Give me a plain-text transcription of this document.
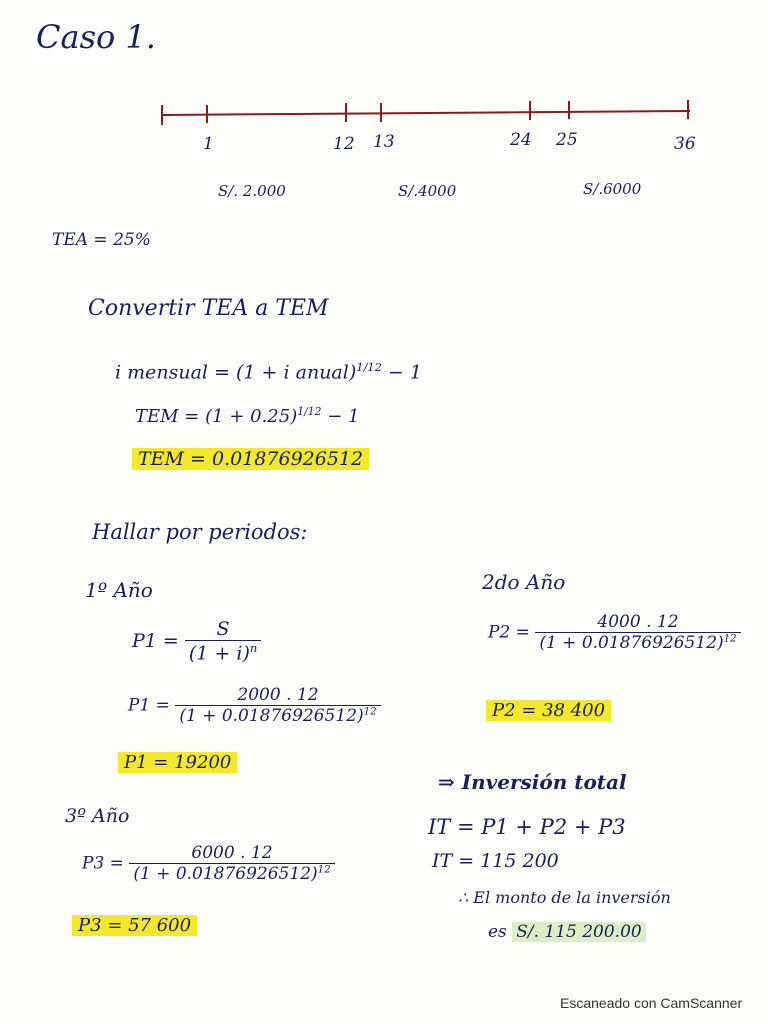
Caso 1.
1	12 13	24 25	36
S/. 2.000	S/.4000	S/.6000
TEA = 25%
Convertir TEA a TEM
i mensual = (1 + i anual)$^{1/12}$ − 1
TEM = $(1 + 0.25)^{1/12} - 1$
TEM = 0.01876926512
Hallar por periodos:
1º Año
$P1 = \frac{S}{(1 + i)^n}$
$P1 = \frac{2000 . 12}{(1 + 0.01876926512)^{12}}$
P1 = 19200
2do Año
$P2 = \frac{4000 . 12}{(1 + 0.01876926512)^{12}}$
P2 = 38 400
⇒ Inversión total
IT = P1 + P2 + P3
IT = 115 200
∴ El monto de la inversión
es S/. 115 200.00
3º Año
$P3 = \frac{6000 . 12}{(1 + 0.01876926512)^{12}}$
P3 = 57 600
Escaneado con CamScanner
